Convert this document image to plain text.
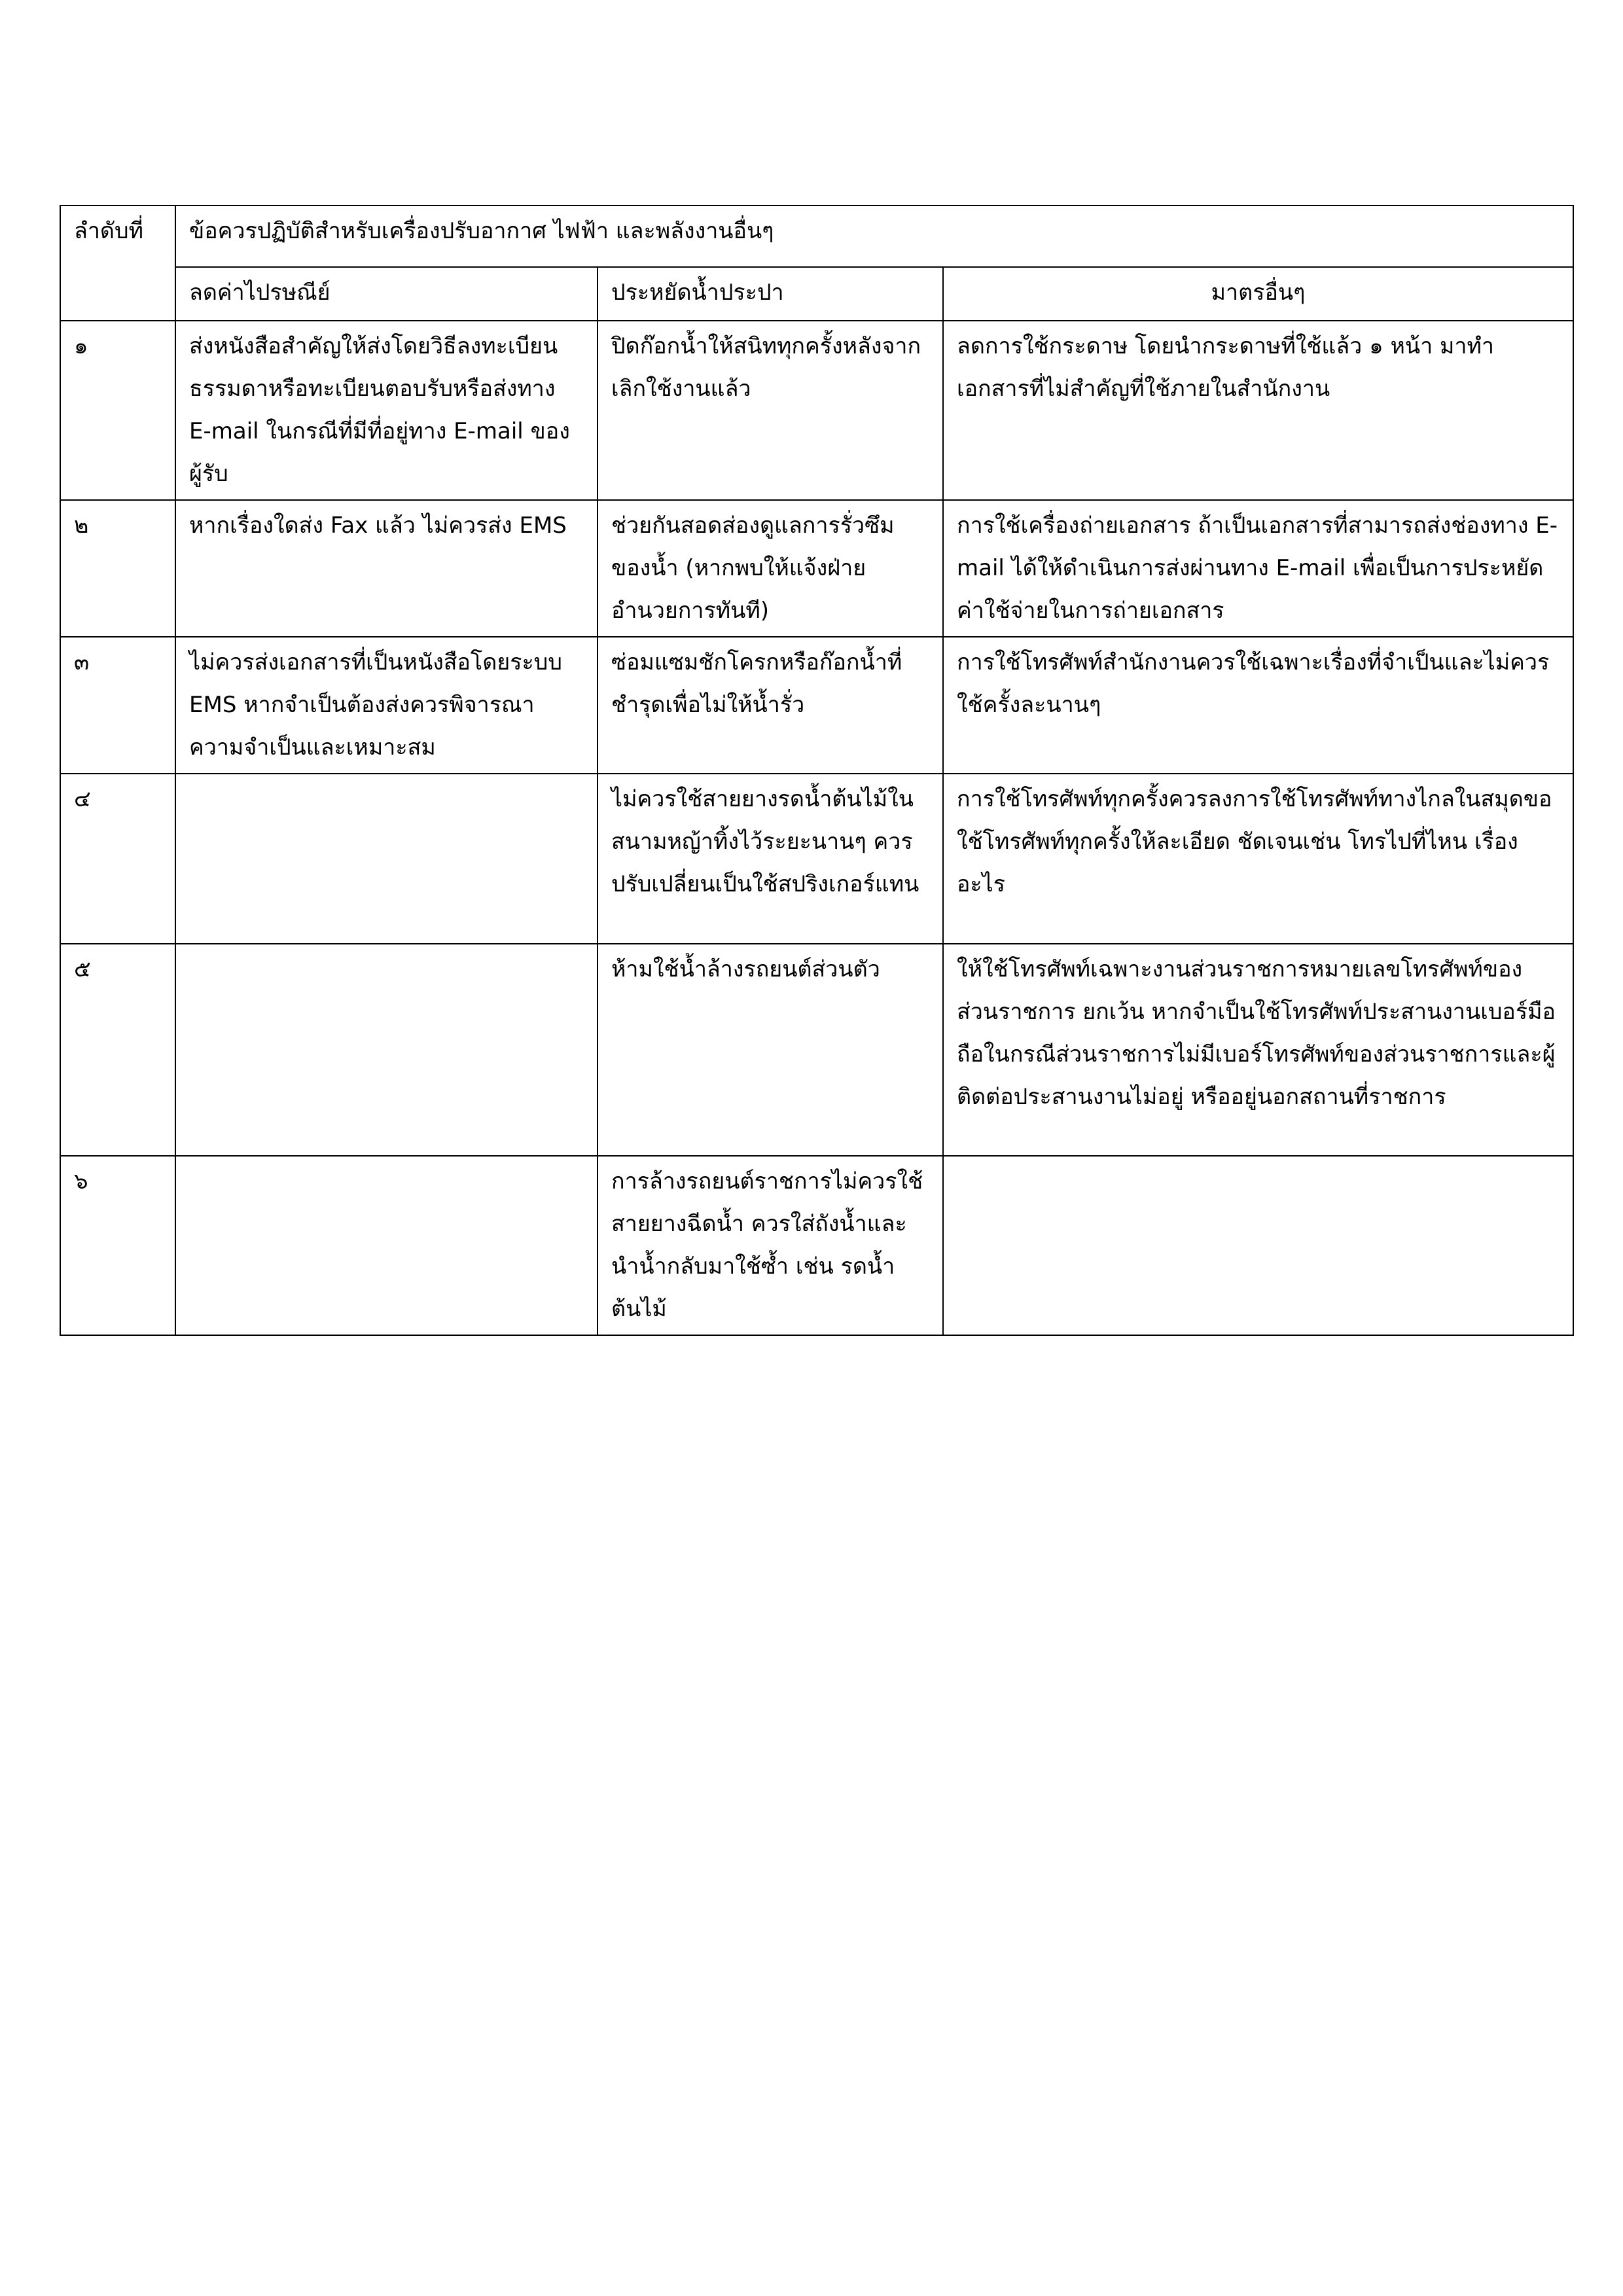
ลำดับที่	ข้อควรปฏิบัติสำหรับเครื่องปรับอากาศ ไฟฟ้า และพลังงานอื่นๆ		
	ลดค่าไปรษณีย์	ประหยัดน้ำประปา	มาตรอื่นๆ
๑	ส่งหนังสือสำคัญให้ส่งโดยวิธีลงทะเบียนธรรมดาหรือทะเบียนตอบรับหรือส่งทาง E-mail ในกรณีที่มีที่อยู่ทาง E-mail ของผู้รับ	ปิดก๊อกน้ำให้สนิททุกครั้งหลังจากเลิกใช้งานแล้ว	ลดการใช้กระดาษ โดยนำกระดาษที่ใช้แล้ว ๑ หน้า มาทำเอกสารที่ไม่สำคัญที่ใช้ภายในสำนักงาน
๒	หากเรื่องใดส่ง Fax แล้ว ไม่ควรส่ง EMS	ช่วยกันสอดส่องดูแลการรั่วซึมของน้ำ (หากพบให้แจ้งฝ่ายอำนวยการทันที)	การใช้เครื่องถ่ายเอกสาร ถ้าเป็นเอกสารที่สามารถส่งช่องทาง E-mail ได้ให้ดำเนินการส่งผ่านทาง E-mail เพื่อเป็นการประหยัดค่าใช้จ่ายในการถ่ายเอกสาร
๓	ไม่ควรส่งเอกสารที่เป็นหนังสือโดยระบบ EMS หากจำเป็นต้องส่งควรพิจารณาความจำเป็นและเหมาะสม	ซ่อมแซมชักโครกหรือก๊อกน้ำที่ชำรุดเพื่อไม่ให้น้ำรั่ว	การใช้โทรศัพท์สำนักงานควรใช้เฉพาะเรื่องที่จำเป็นและไม่ควรใช้ครั้งละนานๆ
๔		ไม่ควรใช้สายยางรดน้ำต้นไม้ในสนามหญ้าทิ้งไว้ระยะนานๆ ควรปรับเปลี่ยนเป็นใช้สปริงเกอร์แทน	การใช้โทรศัพท์ทุกครั้งควรลงการใช้โทรศัพท์ทางไกลในสมุดขอใช้โทรศัพท์ทุกครั้งให้ละเอียด ชัดเจนเช่น โทรไปที่ไหน เรื่องอะไร
๕		ห้ามใช้น้ำล้างรถยนต์ส่วนตัว	ให้ใช้โทรศัพท์เฉพาะงานส่วนราชการหมายเลขโทรศัพท์ของส่วนราชการ ยกเว้น หากจำเป็นใช้โทรศัพท์ประสานงานเบอร์มือถือในกรณีส่วนราชการไม่มีเบอร์โทรศัพท์ของส่วนราชการและผู้ติดต่อประสานงานไม่อยู่ หรืออยู่นอกสถานที่ราชการ
๖		การล้างรถยนต์ราชการไม่ควรใช้สายยางฉีดน้ำ ควรใส่ถังน้ำและนำน้ำกลับมาใช้ซ้ำ เช่น รดน้ำต้นไม้	
